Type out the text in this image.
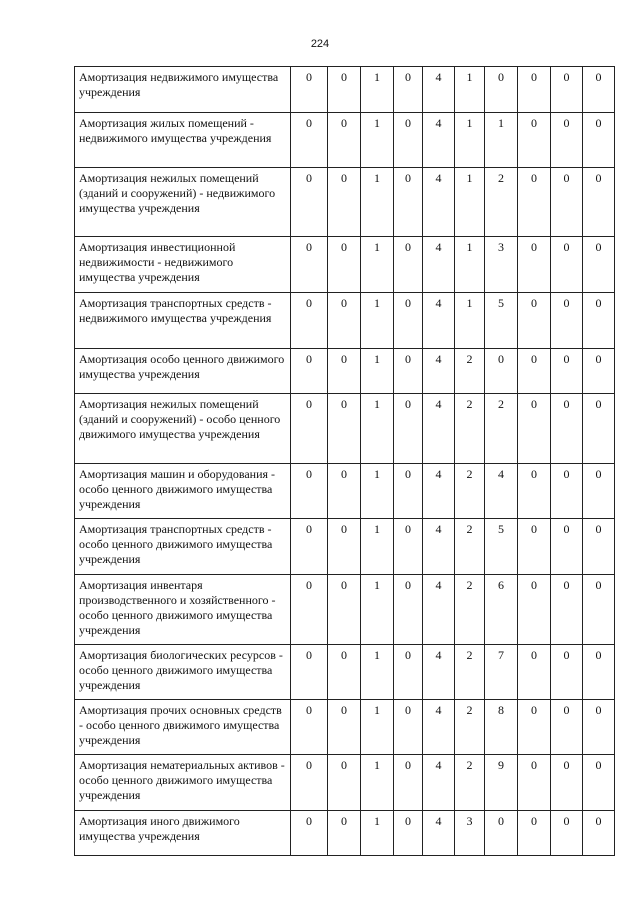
224
Амортизация недвижимого имущества учреждения	0	0	1	0	4	1	0	0	0	0
Амортизация жилых помещений - недвижимого имущества учреждения	0	0	1	0	4	1	1	0	0	0
Амортизация нежилых помещений (зданий и сооружений) - недвижимого имущества учреждения	0	0	1	0	4	1	2	0	0	0
Амортизация инвестиционной недвижимости - недвижимого имущества учреждения	0	0	1	0	4	1	3	0	0	0
Амортизация транспортных средств - недвижимого имущества учреждения	0	0	1	0	4	1	5	0	0	0
Амортизация особо ценного движимого имущества учреждения	0	0	1	0	4	2	0	0	0	0
Амортизация нежилых помещений (зданий и сооружений) - особо ценного движимого имущества учреждения	0	0	1	0	4	2	2	0	0	0
Амортизация машин и оборудования - особо ценного движимого имущества учреждения	0	0	1	0	4	2	4	0	0	0
Амортизация транспортных средств - особо ценного движимого имущества учреждения	0	0	1	0	4	2	5	0	0	0
Амортизация инвентаря производственного и хозяйственного - особо ценного движимого имущества учреждения	0	0	1	0	4	2	6	0	0	0
Амортизация биологических ресурсов - особо ценного движимого имущества учреждения	0	0	1	0	4	2	7	0	0	0
Амортизация прочих основных средств - особо ценного движимого имущества учреждения	0	0	1	0	4	2	8	0	0	0
Амортизация нематериальных активов - особо ценного движимого имущества учреждения	0	0	1	0	4	2	9	0	0	0
Амортизация иного движимого имущества учреждения	0	0	1	0	4	3	0	0	0	0
